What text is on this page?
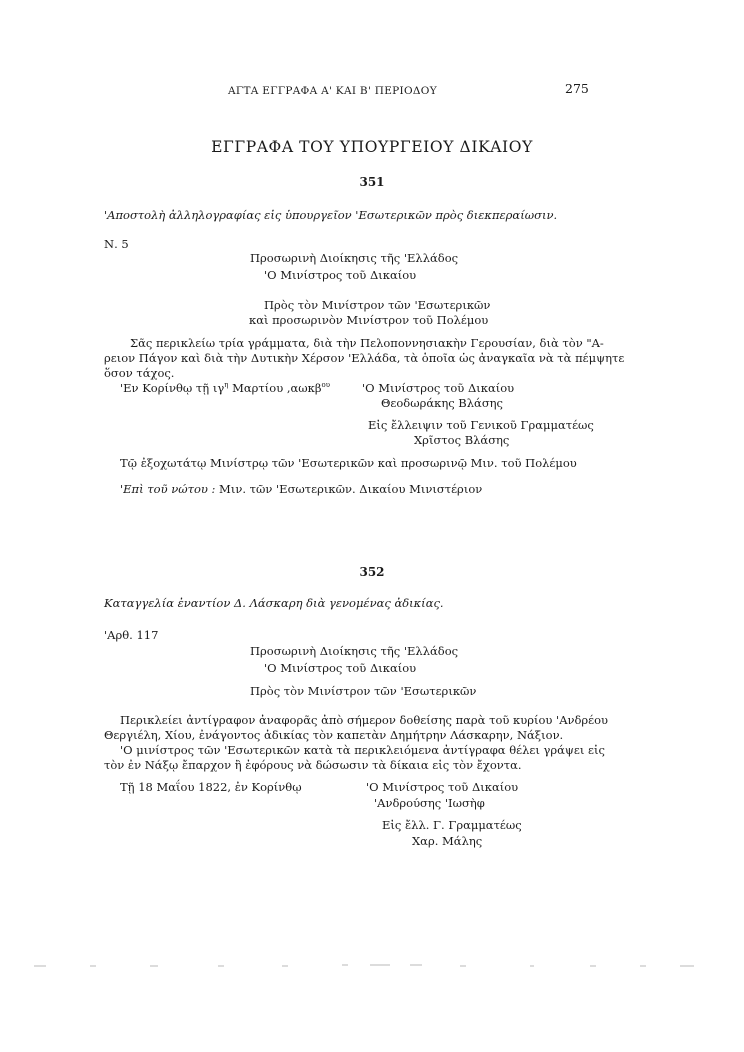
ΑΓΤΑ ΕΓΓΡΑΦΑ Α' ΚΑΙ Β' ΠΕΡΙΟΔΟΥ	275
ΕΓΓΡΑΦΑ ΤΟΥ ΥΠΟΥΡΓΕΙΟΥ ΔΙΚΑΙΟΥ
351
'Αποστολὴ ἀλληλογραφίας εἰς ὑπουργεῖον 'Εσωτερικῶν πρὸς διεκπεραίωσιν.
Ν. 5
Προσωρινὴ Διοίκησις τῆς 'Ελλάδος
'Ο Μινίστρος τοῦ Δικαίου
Πρὸς τὸν Μινίστρον τῶν 'Εσωτερικῶν
καὶ προσωρινὸν Μινίστρον τοῦ Πολέμου
Σᾶς περικλείω τρία γράμματα, διὰ τὴν Πελοποννησιακὴν Γερουσίαν, διὰ τὸν "Α-
ρειον Πάγον καὶ διὰ τὴν Δυτικὴν Χέρσον 'Ελλάδα, τὰ ὁποῖα ὡς ἀναγκαῖα νὰ τὰ πέμψητε
ὅσον τάχος.
'Εν Κορίνθῳ τῇ $\iota\gamma^\eta$ Μαρτίου ,αωκβ$^{o\upsilon}$	'Ο Μινίστρος τοῦ Δικαίου
Θεοδωράκης Βλάσης
Εἰς ἔλλειψιν τοῦ Γενικοῦ Γραμματέως
Χρῖστος Βλάσης
Τῷ ἐξοχωτάτῳ Μινίστρῳ τῶν 'Εσωτερικῶν καὶ προσωρινῷ Μιν. τοῦ Πολέμου
'Επὶ τοῦ νώτου : Μιν. τῶν 'Εσωτερικῶν. Δικαίου Μινιστέριον
352
Καταγγελία ἐναντίον Δ. Λάσκαρη διὰ γενομένας ἀδικίας.
'Αρθ. 117
Προσωρινὴ Διοίκησις τῆς 'Ελλάδος
'Ο Μινίστρος τοῦ Δικαίου
Πρὸς τὸν Μινίστρον τῶν 'Εσωτερικῶν
Περικλείει ἀντίγραφον ἀναφορᾶς ἀπὸ σήμερον δοθείσης παρὰ τοῦ κυρίου 'Ανδρέου
Θεργιέλη, Χίου, ἐνάγοντος ἀδικίας τὸν καπετὰν Δημήτρην Λάσκαρην, Νάξιον.
'Ο μινίστρος τῶν 'Εσωτερικῶν κατὰ τὰ περικλειόμενα ἀντίγραφα θέλει γράψει εἰς
τὸν ἐν Νάξῳ ἔπαρχον ἢ ἐφόρους νὰ δώσωσιν τὰ δίκαια εἰς τὸν ἔχοντα.
Τῇ 18 Μαΐου 1822, ἐν Κορίνθῳ	'Ο Μινίστρος τοῦ Δικαίου
'Ανδρούσης 'Ιωσὴφ
Εἰς ἔλλ. Γ. Γραμματέως
Χαρ. Μάλης
